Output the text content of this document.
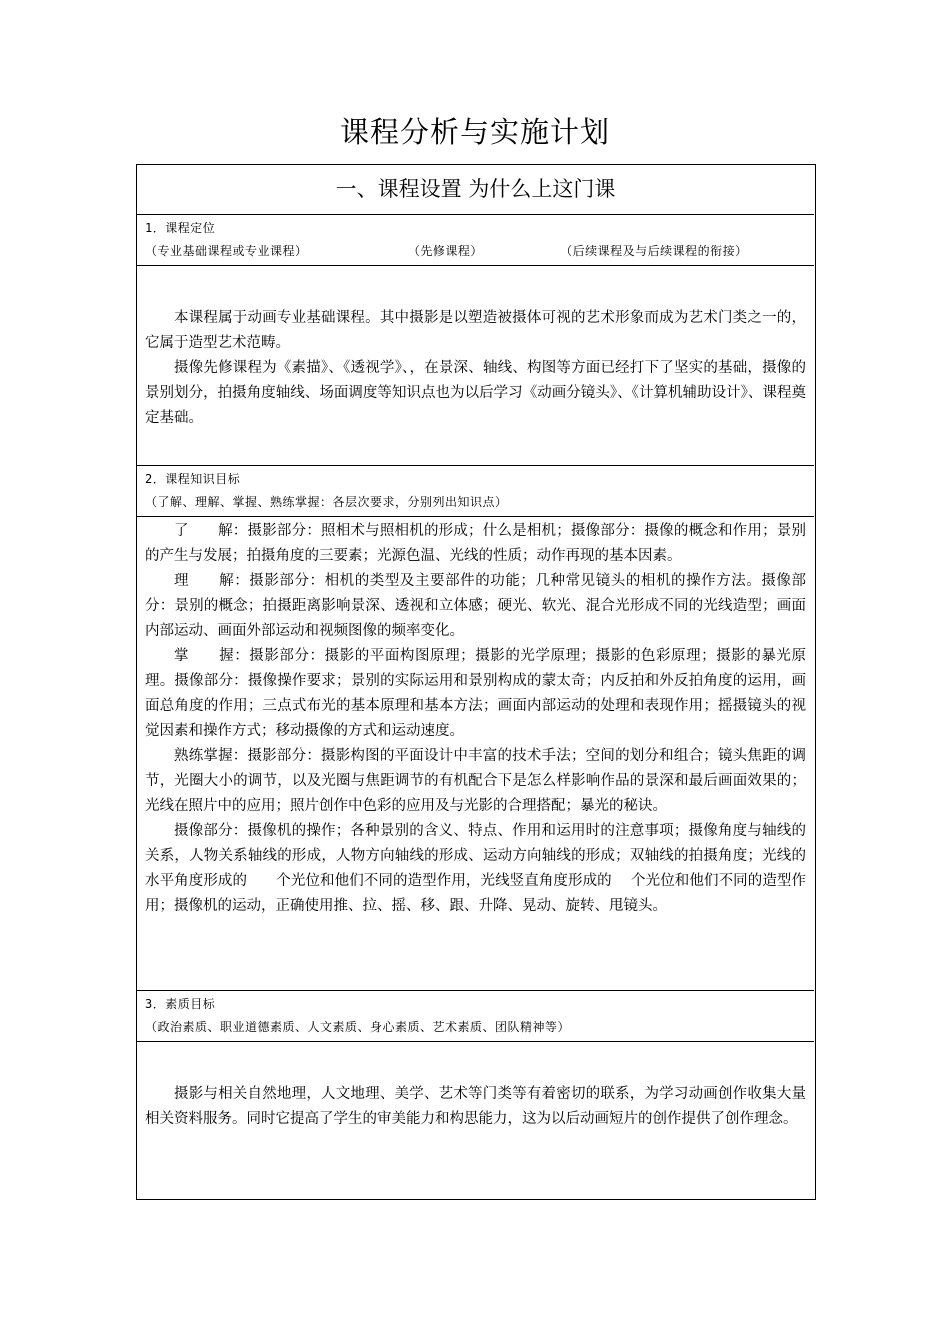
课程分析与实施计划
一、课程设置 为什么上这门课
1．课程定位
（专业基础课程或专业课程）             （先修课程）          （后续课程及与后续课程的衔接）

本课程属于动画专业基础课程。其中摄影是以塑造被摄体可视的艺术形象而成为艺术门类之一的，它属于造型艺术范畴。

摄像先修课程为《素描》、《透视学》、，在景深、轴线、构图等方面已经打下了坚实的基础，摄像的景别划分，拍摄角度轴线、场面调度等知识点也为以后学习《动画分镜头》、《计算机辅助设计》、课程奠定基础。

2．课程知识目标
（了解、理解、掌握、熟练掌握：各层次要求，分别列出知识点）

了　　解：摄影部分：照相术与照相机的形成；什么是相机；摄像部分：摄像的概念和作用；景别的产生与发展；拍摄角度的三要素；光源色温、光线的性质；动作再现的基本因素。

理　　解：摄影部分：相机的类型及主要部件的功能；几种常见镜头的相机的操作方法。摄像部分：景别的概念；拍摄距离影响景深、透视和立体感；硬光、软光、混合光形成不同的光线造型；画面内部运动、画面外部运动和视频图像的频率变化。

掌　　握：摄影部分：摄影的平面构图原理；摄影的光学原理；摄影的色彩原理；摄影的暴光原理。摄像部分：摄像操作要求；景别的实际运用和景别构成的蒙太奇；内反拍和外反拍角度的运用，画面总角度的作用；三点式布光的基本原理和基本方法；画面内部运动的处理和表现作用；摇摄镜头的视觉因素和操作方式；移动摄像的方式和运动速度。

熟练掌握：摄影部分：摄影构图的平面设计中丰富的技术手法；空间的划分和组合；镜头焦距的调节，光圈大小的调节，以及光圈与焦距调节的有机配合下是怎么样影响作品的景深和最后画面效果的；光线在照片中的应用；照片创作中色彩的应用及与光影的合理搭配；暴光的秘诀。

摄像部分：摄像机的操作；各种景别的含义、特点、作用和运用时的注意事项；摄像角度与轴线的关系，人物关系轴线的形成，人物方向轴线的形成、运动方向轴线的形成；双轴线的拍摄角度；光线的水平角度形成的　　个光位和他们不同的造型作用，光线竖直角度形成的　 个光位和他们不同的造型作用；摄像机的运动，正确使用推、拉、摇、移、跟、升降、晃动、旋转、甩镜头。

3．素质目标
（政治素质、职业道德素质、人文素质、身心素质、艺术素质、团队精神等）

摄影与相关自然地理，人文地理、美学、艺术等门类等有着密切的联系，为学习动画创作收集大量相关资料服务。同时它提高了学生的审美能力和构思能力，这为以后动画短片的创作提供了创作理念。
